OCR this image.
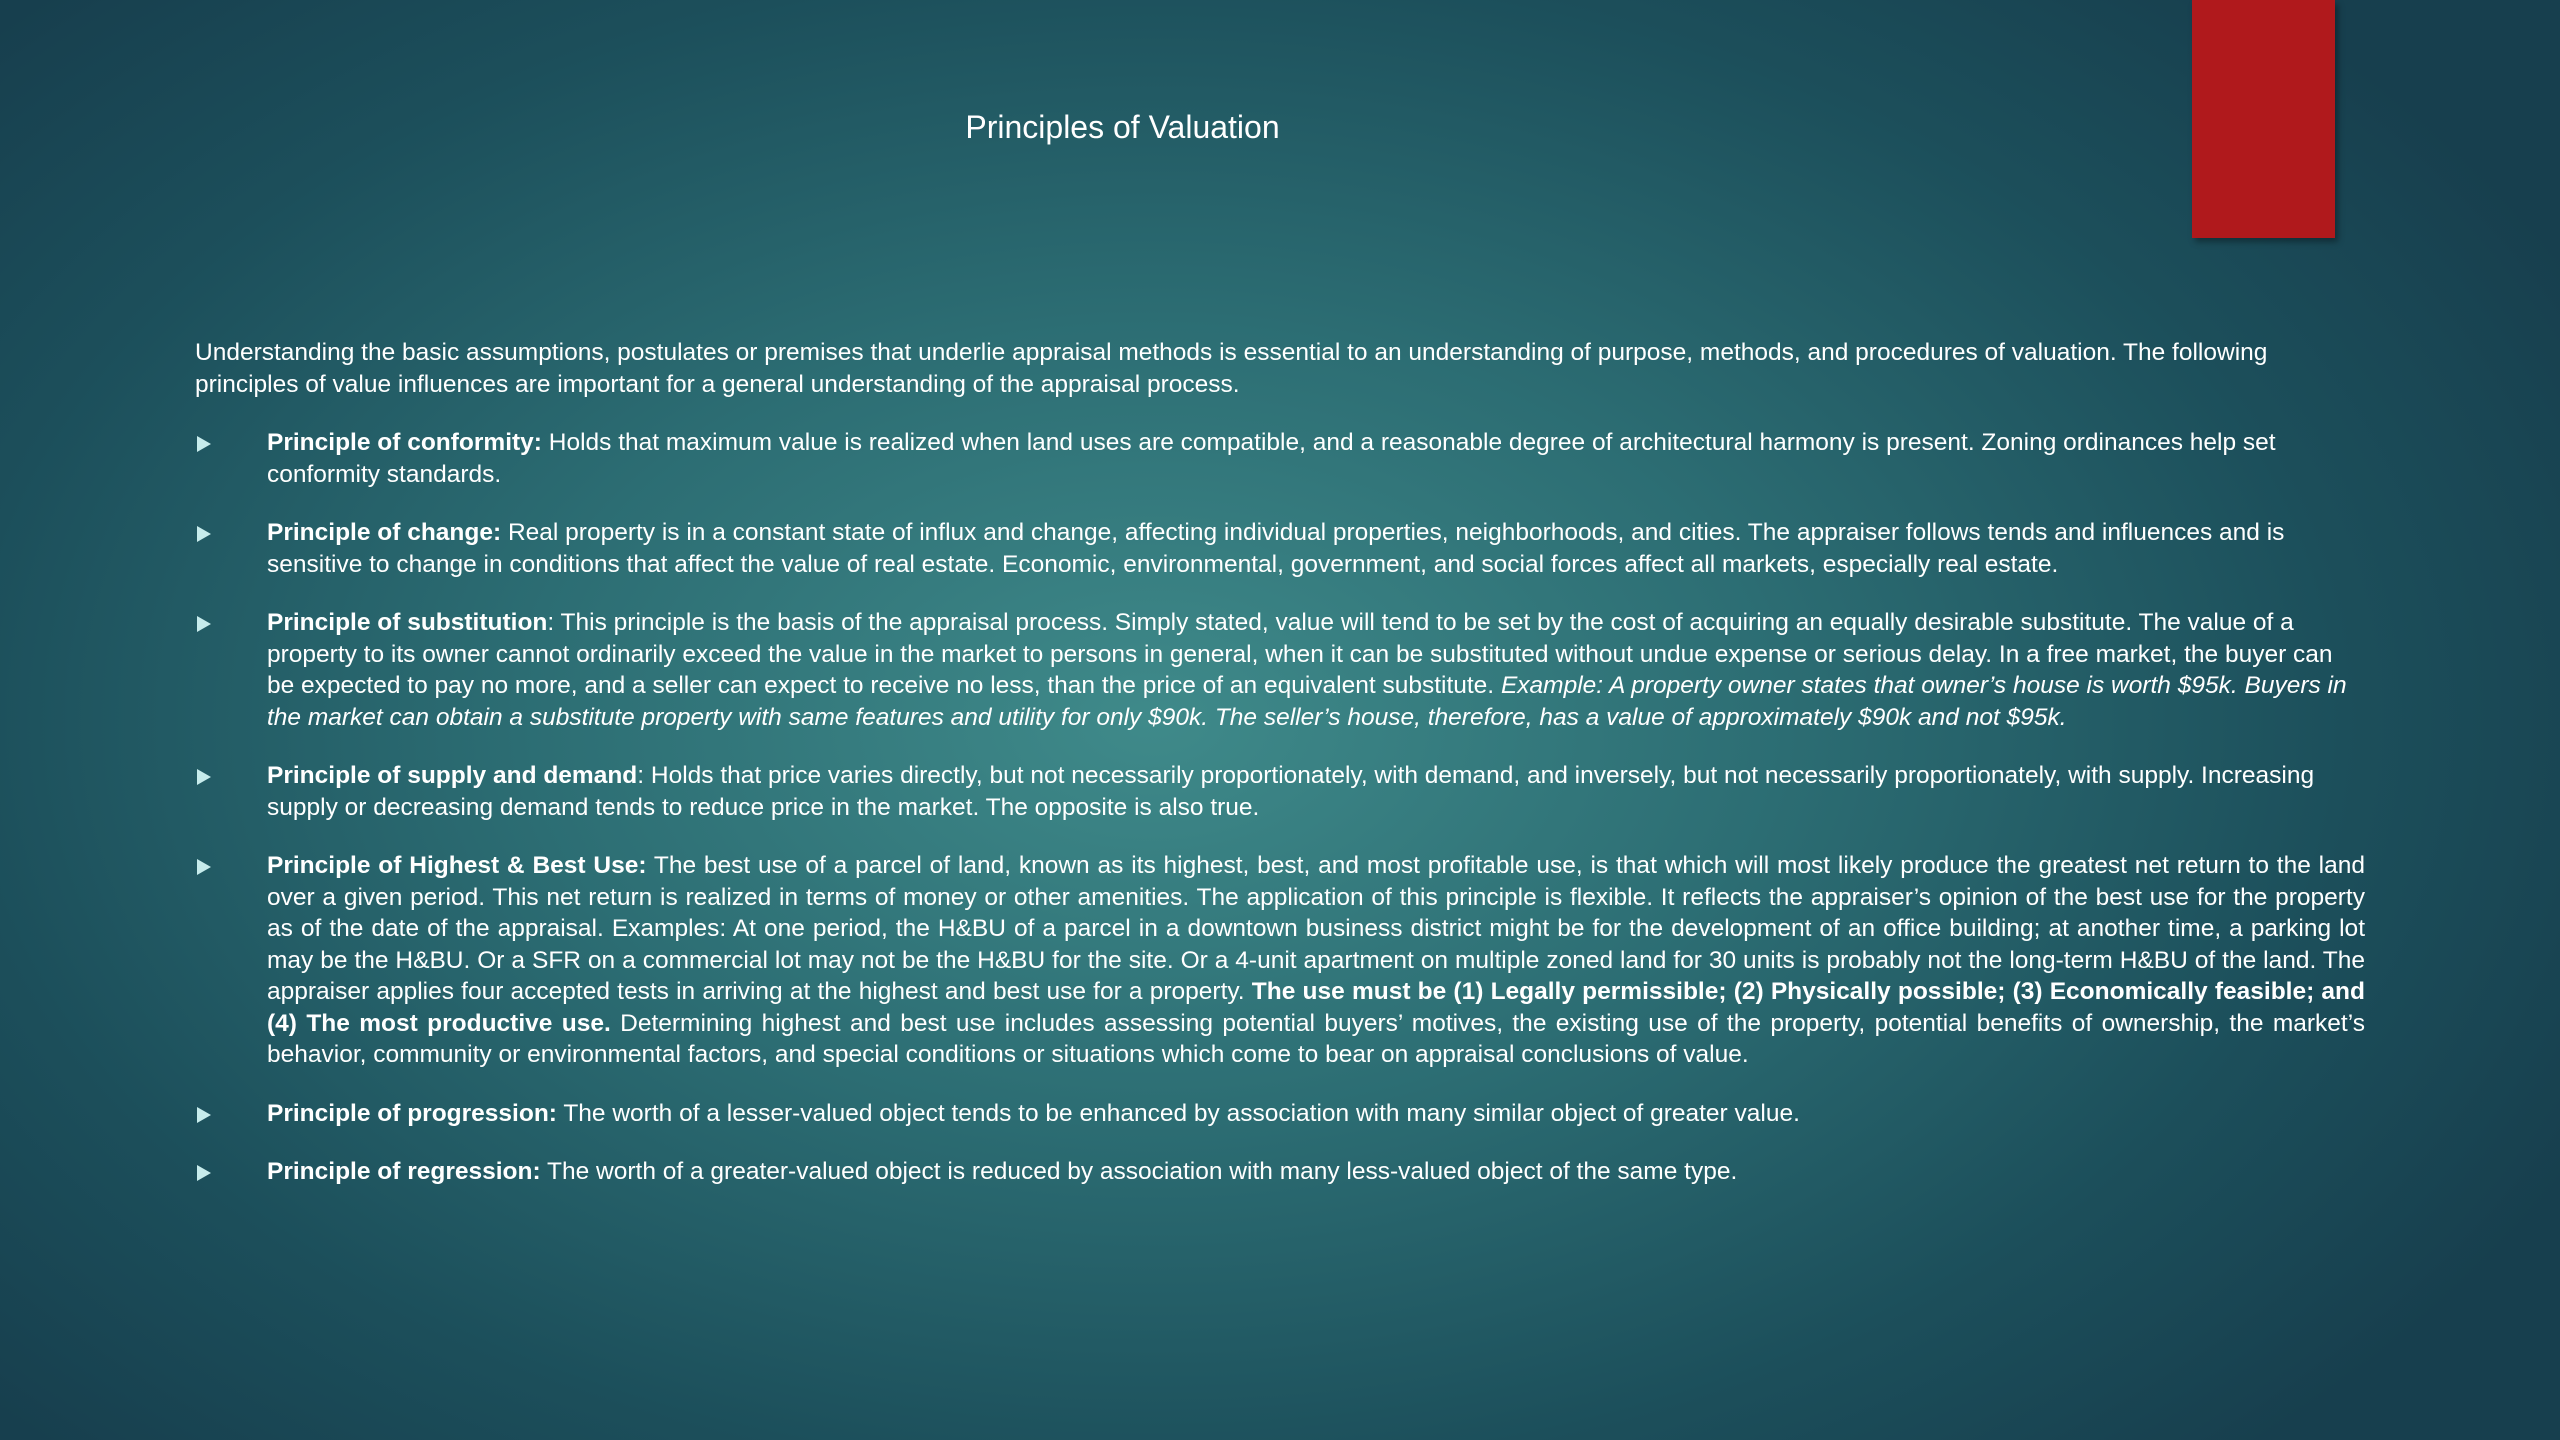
Principles of Valuation

Understanding the basic assumptions, postulates or premises that underlie appraisal methods is essential to an understanding of purpose, methods, and procedures of valuation. The following principles of value influences are important for a general understanding of the appraisal process.

Principle of conformity: Holds that maximum value is realized when land uses are compatible, and a reasonable degree of architectural harmony is present. Zoning ordinances help set conformity standards.
Principle of change: Real property is in a constant state of influx and change, affecting individual properties, neighborhoods, and cities. The appraiser follows tends and influences and is sensitive to change in conditions that affect the value of real estate. Economic, environmental, government, and social forces affect all markets, especially real estate.
Principle of substitution: This principle is the basis of the appraisal process. Simply stated, value will tend to be set by the cost of acquiring an equally desirable substitute. The value of a property to its owner cannot ordinarily exceed the value in the market to persons in general, when it can be substituted without undue expense or serious delay. In a free market, the buyer can be expected to pay no more, and a seller can expect to receive no less, than the price of an equivalent substitute. Example: A property owner states that owner’s house is worth $95k. Buyers in the market can obtain a substitute property with same features and utility for only $90k. The seller’s house, therefore, has a value of approximately $90k and not $95k.
Principle of supply and demand: Holds that price varies directly, but not necessarily proportionately, with demand, and inversely, but not necessarily proportionately, with supply. Increasing supply or decreasing demand tends to reduce price in the market. The opposite is also true.
Principle of Highest & Best Use: The best use of a parcel of land, known as its highest, best, and most profitable use, is that which will most likely produce the greatest net return to the land over a given period. This net return is realized in terms of money or other amenities. The application of this principle is flexible. It reflects the appraiser’s opinion of the best use for the property as of the date of the appraisal. Examples: At one period, the H&BU of a parcel in a downtown business district might be for the development of an office building; at another time, a parking lot may be the H&BU. Or a SFR on a commercial lot may not be the H&BU for the site. Or a 4-unit apartment on multiple zoned land for 30 units is probably not the long-term H&BU of the land. The appraiser applies four accepted tests in arriving at the highest and best use for a property. The use must be (1) Legally permissible; (2) Physically possible; (3) Economically feasible; and (4) The most productive use. Determining highest and best use includes assessing potential buyers’ motives, the existing use of the property, potential benefits of ownership, the market’s behavior, community or environmental factors, and special conditions or situations which come to bear on appraisal conclusions of value.
Principle of progression: The worth of a lesser-valued object tends to be enhanced by association with many similar object of greater value.
Principle of regression: The worth of a greater-valued object is reduced by association with many less-valued object of the same type.
